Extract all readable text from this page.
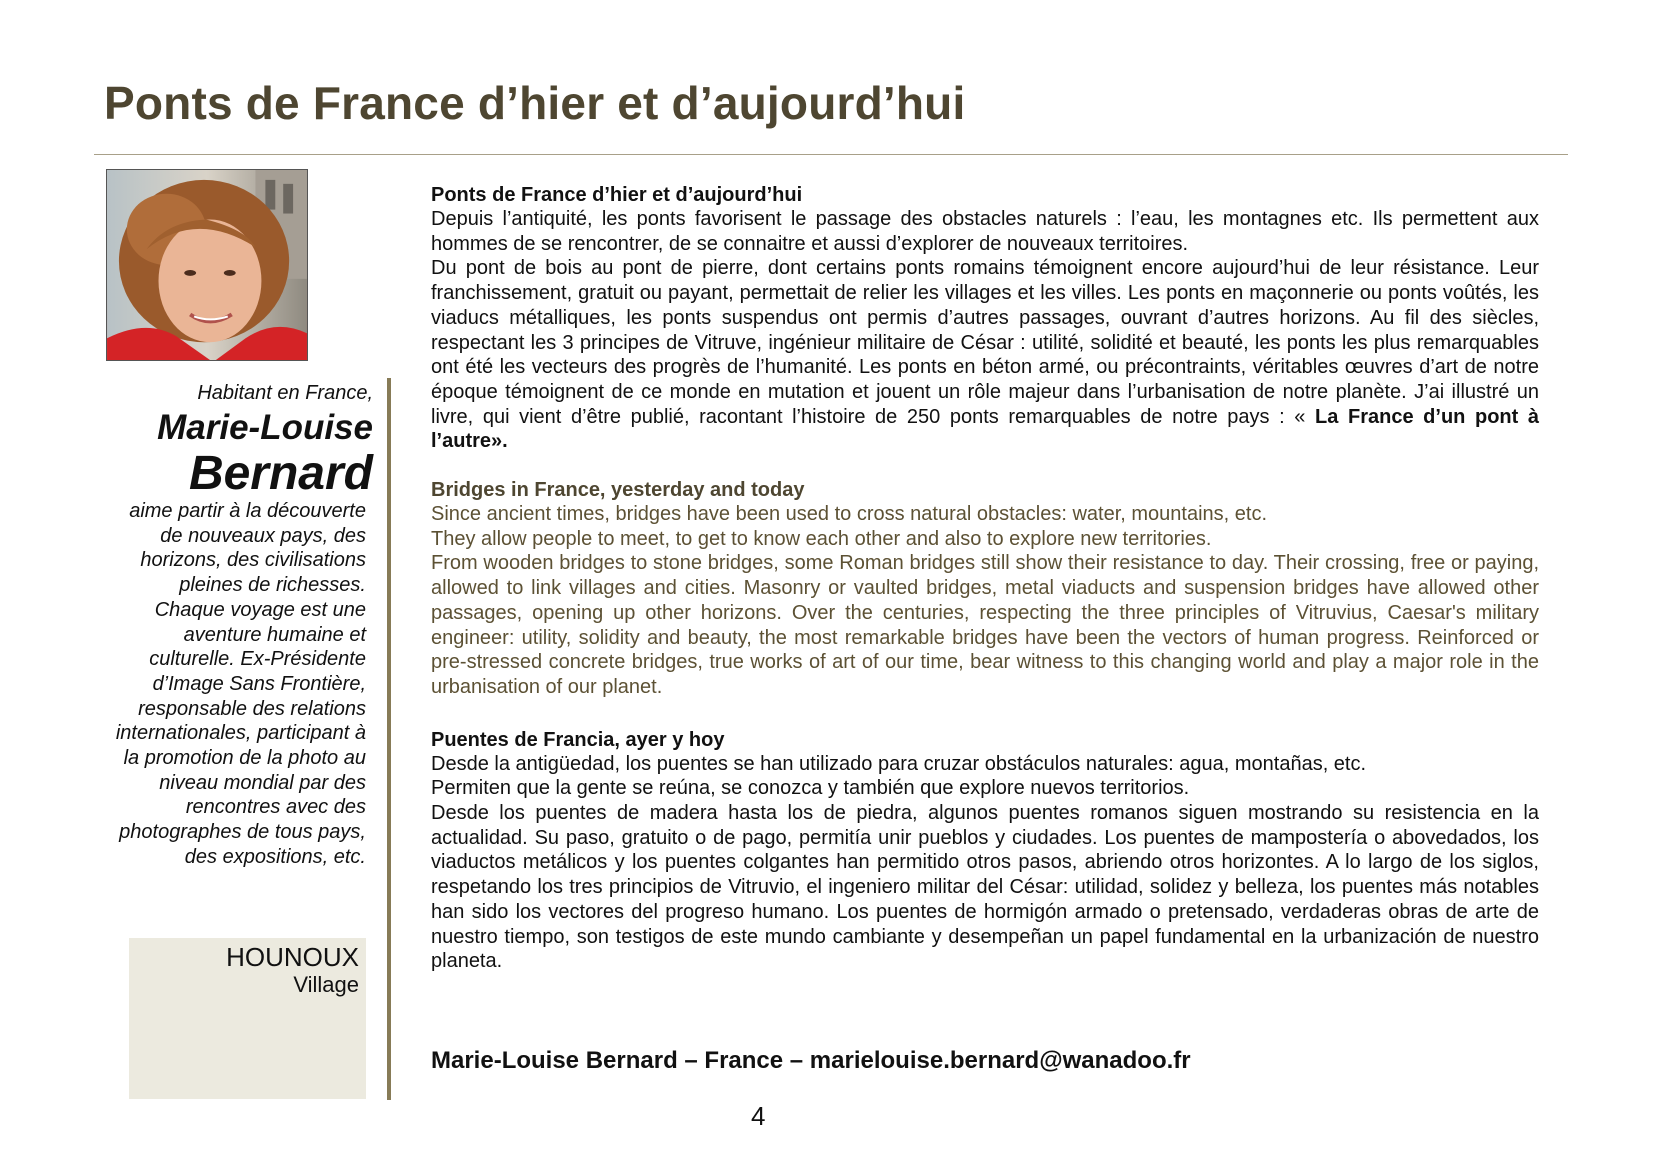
Ponts de France d’hier et d’aujourd’hui
Habitant en France,
Marie-Louise
Bernard

aime partir à la découverte de nouveaux pays, des horizons, des civilisations pleines de richesses. Chaque voyage est une aventure humaine et culturelle. Ex-Présidente d’Image Sans Frontière, responsable des relations internationales, participant à la promotion de la photo au niveau mondial par des rencontres avec des photographes de tous pays, des expositions, etc.

HOUNOUX
Village
Ponts de France d’hier et d’aujourd’hui

Depuis l’antiquité, les ponts favorisent le passage des obstacles naturels : l’eau, les montagnes etc. Ils permettent aux hommes de se rencontrer, de se connaitre et aussi d’explorer de nouveaux territoires.

Du pont de bois au pont de pierre, dont certains ponts romains témoignent encore aujourd’hui de leur résistance. Leur franchissement, gratuit ou payant, permettait de relier les villages et les villes. Les ponts en maçonnerie ou ponts voûtés, les viaducs métalliques, les ponts suspendus ont permis d’autres passages, ouvrant d’autres horizons. Au fil des siècles, respectant les 3 principes de Vitruve, ingénieur militaire de César : utilité, solidité et beauté, les ponts les plus remarquables ont été les vecteurs des progrès de l’humanité. Les ponts en béton armé, ou précontraints, véritables œuvres d’art de notre époque témoignent de ce monde en mutation et jouent un rôle majeur dans l’urbanisation de notre planète. J’ai illustré un livre, qui vient d’être publié, racontant l’histoire de 250 ponts remarquables de notre pays : « La France d’un pont à l’autre».

Bridges in France, yesterday and today

Since ancient times, bridges have been used to cross natural obstacles: water, mountains, etc.

They allow people to meet, to get to know each other and also to explore new territories.

From wooden bridges to stone bridges, some Roman bridges still show their resistance to day. Their crossing, free or paying, allowed to link villages and cities. Masonry or vaulted bridges, metal viaducts and suspension bridges have allowed other passages, opening up other horizons. Over the centuries, respecting the three principles of Vitruvius, Caesar's military engineer: utility, solidity and beauty, the most remarkable bridges have been the vectors of human progress. Reinforced or pre-stressed concrete bridges, true works of art of our time, bear witness to this changing world and play a major role in the urbanisation of our planet.

Puentes de Francia, ayer y hoy

Desde la antigüedad, los puentes se han utilizado para cruzar obstáculos naturales: agua, montañas, etc.

Permiten que la gente se reúna, se conozca y también que explore nuevos territorios.

Desde los puentes de madera hasta los de piedra, algunos puentes romanos siguen mostrando su resistencia en la actualidad. Su paso, gratuito o de pago, permitía unir pueblos y ciudades. Los puentes de mampostería o abovedados, los viaductos metálicos y los puentes colgantes han permitido otros pasos, abriendo otros horizontes. A lo largo de los siglos, respetando los tres principios de Vitruvio, el ingeniero militar del César: utilidad, solidez y belleza, los puentes más notables han sido los vectores del progreso humano. Los puentes de hormigón armado o pretensado, verdaderas obras de arte de nuestro tiempo, son testigos de este mundo cambiante y desempeñan un papel fundamental en la urbanización de nuestro planeta.

Marie-Louise Bernard – France – marielouise.bernard@wanadoo.fr

4
